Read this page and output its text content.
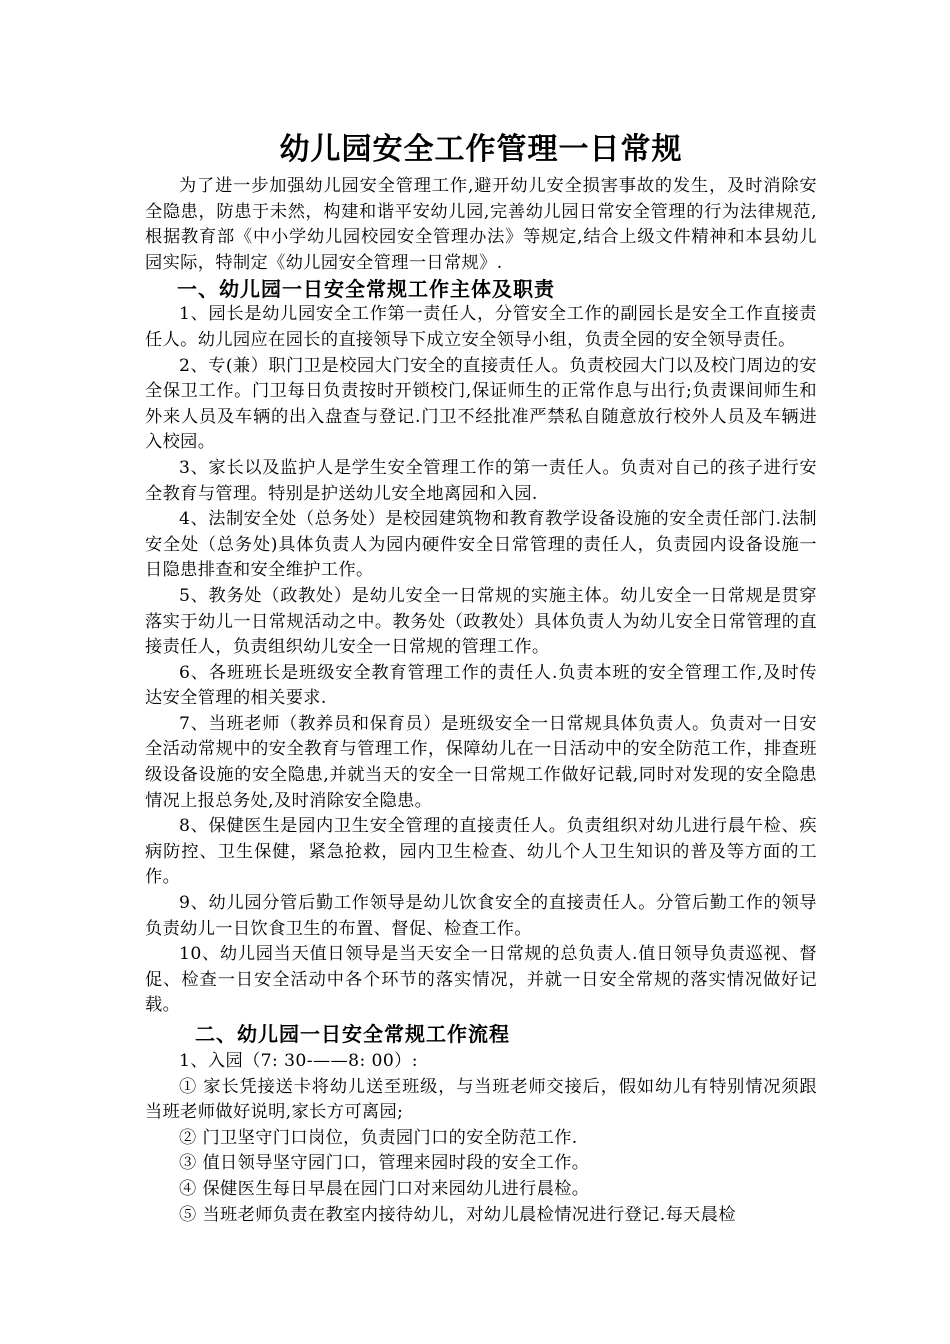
幼儿园安全工作管理一日常规

为了进一步加强幼儿园安全管理工作,避开幼儿安全损害事故的发生，及时消除安全隐患，防患于未然，构建和谐平安幼儿园,完善幼儿园日常安全管理的行为法律规范,根据教育部《中小学幼儿园校园安全管理办法》等规定,结合上级文件精神和本县幼儿园实际，特制定《幼儿园安全管理一日常规》.

一、幼儿园一日安全常规工作主体及职责

1、园长是幼儿园安全工作第一责任人，分管安全工作的副园长是安全工作直接责任人。幼儿园应在园长的直接领导下成立安全领导小组，负责全园的安全领导责任。

2、专(兼）职门卫是校园大门安全的直接责任人。负责校园大门以及校门周边的安全保卫工作。门卫每日负责按时开锁校门,保证师生的正常作息与出行;负责课间师生和外来人员及车辆的出入盘查与登记.门卫不经批准严禁私自随意放行校外人员及车辆进入校园。

3、家长以及监护人是学生安全管理工作的第一责任人。负责对自己的孩子进行安全教育与管理。特别是护送幼儿安全地离园和入园.

4、法制安全处（总务处）是校园建筑物和教育教学设备设施的安全责任部门.法制安全处（总务处)具体负责人为园内硬件安全日常管理的责任人，负责园内设备设施一日隐患排查和安全维护工作。

5、教务处（政教处）是幼儿安全一日常规的实施主体。幼儿安全一日常规是贯穿落实于幼儿一日常规活动之中。教务处（政教处）具体负责人为幼儿安全日常管理的直接责任人，负责组织幼儿安全一日常规的管理工作。

6、各班班长是班级安全教育管理工作的责任人.负责本班的安全管理工作,及时传达安全管理的相关要求.

7、当班老师（教养员和保育员）是班级安全一日常规具体负责人。负责对一日安全活动常规中的安全教育与管理工作，保障幼儿在一日活动中的安全防范工作，排查班级设备设施的安全隐患,并就当天的安全一日常规工作做好记载,同时对发现的安全隐患情况上报总务处,及时消除安全隐患。

8、保健医生是园内卫生安全管理的直接责任人。负责组织对幼儿进行晨午检、疾病防控、卫生保健，紧急抢救，园内卫生检查、幼儿个人卫生知识的普及等方面的工作。

9、幼儿园分管后勤工作领导是幼儿饮食安全的直接责任人。分管后勤工作的领导负责幼儿一日饮食卫生的布置、督促、检查工作。

10、幼儿园当天值日领导是当天安全一日常规的总负责人.值日领导负责巡视、督促、检查一日安全活动中各个环节的落实情况，并就一日安全常规的落实情况做好记载。

二、幼儿园一日安全常规工作流程

1、入园（7: 30-——8: 00）:

① 家长凭接送卡将幼儿送至班级，与当班老师交接后，假如幼儿有特别情况须跟当班老师做好说明,家长方可离园;

② 门卫坚守门口岗位，负责园门口的安全防范工作.

③ 值日领导坚守园门口，管理来园时段的安全工作。

④ 保健医生每日早晨在园门口对来园幼儿进行晨检。

⑤ 当班老师负责在教室内接待幼儿，对幼儿晨检情况进行登记.每天晨检
